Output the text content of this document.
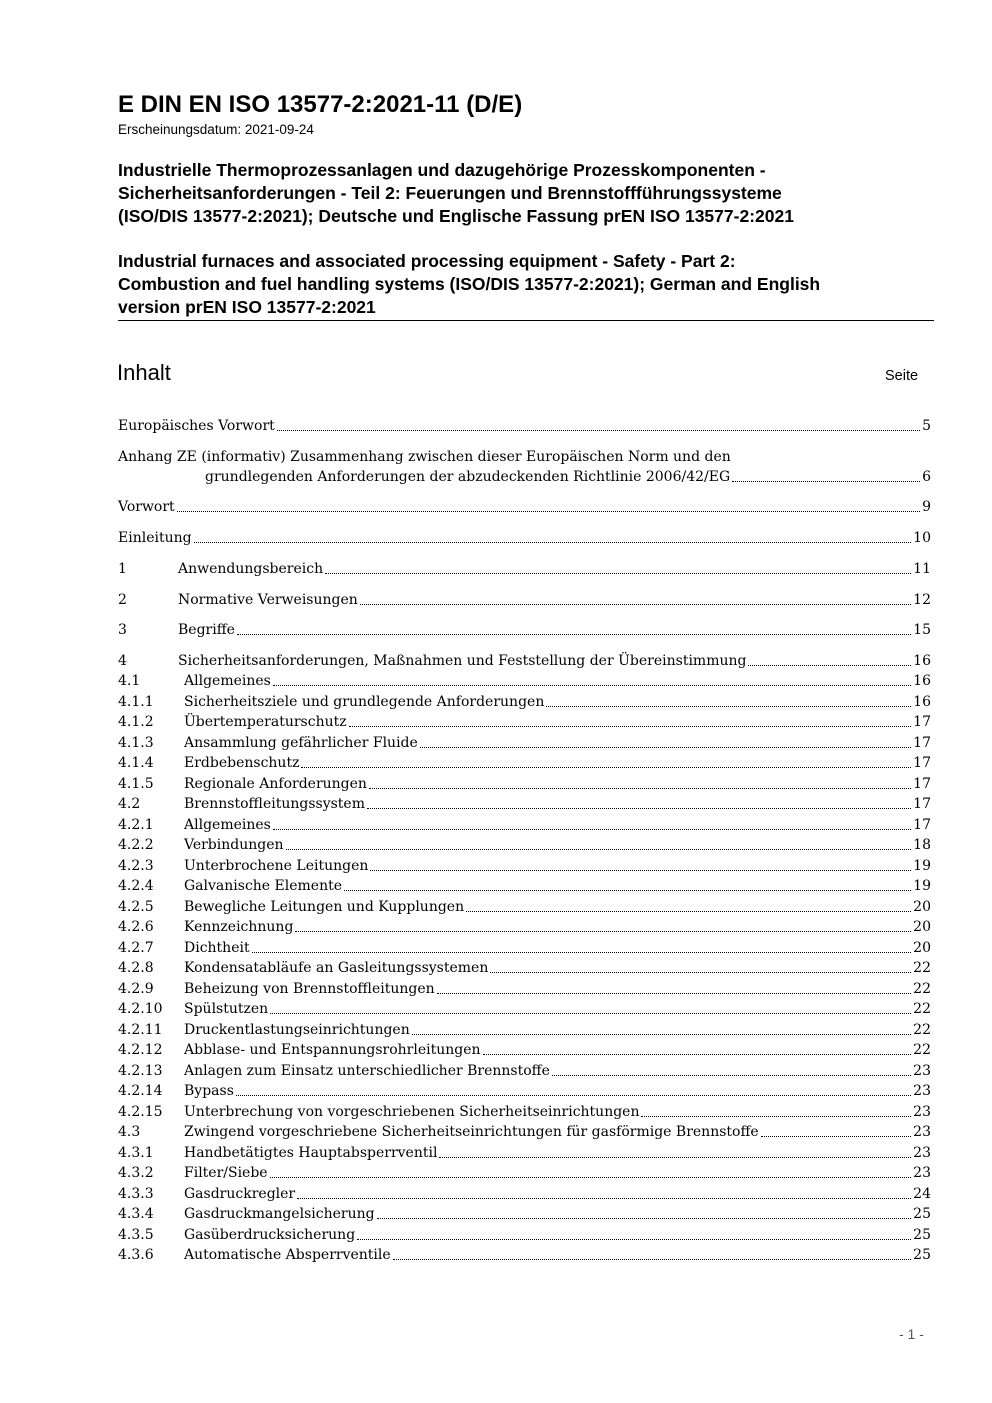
E DIN EN ISO 13577-2:2021-11 (D/E)
Erscheinungsdatum: 2021-09-24
Industrielle Thermoprozessanlagen und dazugehörige Prozesskomponenten -
Sicherheitsanforderungen - Teil 2: Feuerungen und Brennstoffführungssysteme
(ISO/DIS 13577-2:2021); Deutsche und Englische Fassung prEN ISO 13577-2:2021
Industrial furnaces and associated processing equipment - Safety - Part 2:
Combustion and fuel handling systems (ISO/DIS 13577-2:2021); German and English
version prEN ISO 13577-2:2021
Inhalt	Seite
Europäisches Vorwort	5
Anhang ZE (informativ) Zusammenhang zwischen dieser Europäischen Norm und den
grundlegenden Anforderungen der abzudeckenden Richtlinie 2006/42/EG	6
Vorwort	9
Einleitung	10
1	Anwendungsbereich	11
2	Normative Verweisungen	12
3	Begriffe	15
4	Sicherheitsanforderungen, Maßnahmen und Feststellung der Übereinstimmung	16
4.1	Allgemeines	16
4.1.1	Sicherheitsziele und grundlegende Anforderungen	16
4.1.2	Übertemperaturschutz	17
4.1.3	Ansammlung gefährlicher Fluide	17
4.1.4	Erdbebenschutz	17
4.1.5	Regionale Anforderungen	17
4.2	Brennstoffleitungssystem	17
4.2.1	Allgemeines	17
4.2.2	Verbindungen	18
4.2.3	Unterbrochene Leitungen	19
4.2.4	Galvanische Elemente	19
4.2.5	Bewegliche Leitungen und Kupplungen	20
4.2.6	Kennzeichnung	20
4.2.7	Dichtheit	20
4.2.8	Kondensatabläufe an Gasleitungssystemen	22
4.2.9	Beheizung von Brennstoffleitungen	22
4.2.10	Spülstutzen	22
4.2.11	Druckentlastungseinrichtungen	22
4.2.12	Abblase- und Entspannungsrohrleitungen	22
4.2.13	Anlagen zum Einsatz unterschiedlicher Brennstoffe	23
4.2.14	Bypass	23
4.2.15	Unterbrechung von vorgeschriebenen Sicherheitseinrichtungen	23
4.3	Zwingend vorgeschriebene Sicherheitseinrichtungen für gasförmige Brennstoffe	23
4.3.1	Handbetätigtes Hauptabsperrventil	23
4.3.2	Filter/Siebe	23
4.3.3	Gasdruckregler	24
4.3.4	Gasdruckmangelsicherung	25
4.3.5	Gasüberdrucksicherung	25
4.3.6	Automatische Absperrventile	25
- 1 -
